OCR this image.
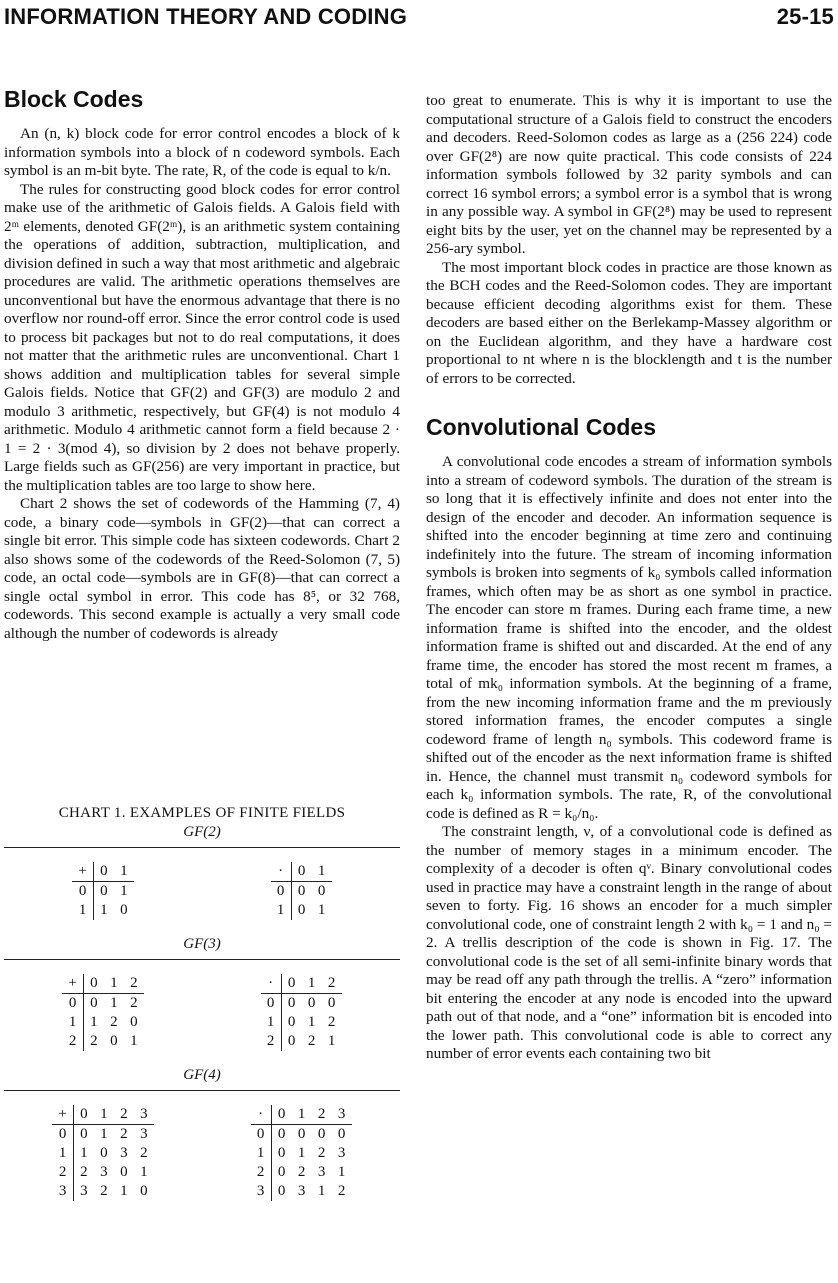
INFORMATION THEORY AND CODING	25-15
Block Codes

An (n, k) block code for error control encodes a block of k information symbols into a block of n codeword symbols. Each symbol is an m-bit byte. The rate, R, of the code is equal to k/n.

The rules for constructing good block codes for error control make use of the arithmetic of Galois fields. A Galois field with 2ᵐ elements, denoted GF(2ᵐ), is an arithmetic system containing the operations of addition, subtraction, multiplication, and division defined in such a way that most arithmetic and algebraic procedures are valid. The arithmetic operations themselves are unconventional but have the enormous advantage that there is no overflow nor round-off error. Since the error control code is used to process bit packages but not to do real computations, it does not matter that the arithmetic rules are unconventional. Chart 1 shows addition and multiplication tables for several simple Galois fields. Notice that GF(2) and GF(3) are modulo 2 and modulo 3 arithmetic, respectively, but GF(4) is not modulo 4 arithmetic. Modulo 4 arithmetic cannot form a field because 2 · 1 = 2 · 3(mod 4), so division by 2 does not behave properly. Large fields such as GF(256) are very important in practice, but the multiplication tables are too large to show here.

Chart 2 shows the set of codewords of the Hamming (7, 4) code, a binary code—symbols in GF(2)—that can correct a single bit error. This simple code has sixteen codewords. Chart 2 also shows some of the codewords of the Reed-Solomon (7, 5) code, an octal code—symbols are in GF(8)—that can correct a single octal symbol in error. This code has 8⁵, or 32 768, codewords. This second example is actually a very small code although the number of codewords is already

CHART 1. EXAMPLES OF FINITE FIELDS
GF(2)
+	0	1
0	0	1
1	1	0
·	0	1
0	0	0
1	0	1
GF(3)
+	0	1	2
0	0	1	2
1	1	2	0
2	2	0	1
·	0	1	2
0	0	0	0
1	0	1	2
2	0	2	1
GF(4)
+	0	1	2	3
0	0	1	2	3
1	1	0	3	2
2	2	3	0	1
3	3	2	1	0
·	0	1	2	3
0	0	0	0	0
1	0	1	2	3
2	0	2	3	1
3	0	3	1	2

too great to enumerate. This is why it is important to use the computational structure of a Galois field to construct the encoders and decoders. Reed-Solomon codes as large as a (256 224) code over GF(2⁸) are now quite practical. This code consists of 224 information symbols followed by 32 parity symbols and can correct 16 symbol errors; a symbol error is a symbol that is wrong in any possible way. A symbol in GF(2⁸) may be used to represent eight bits by the user, yet on the channel may be represented by a 256-ary symbol.

The most important block codes in practice are those known as the BCH codes and the Reed-Solomon codes. They are important because efficient decoding algorithms exist for them. These decoders are based either on the Berlekamp-Massey algorithm or on the Euclidean algorithm, and they have a hardware cost proportional to nt where n is the blocklength and t is the number of errors to be corrected.

Convolutional Codes

A convolutional code encodes a stream of information symbols into a stream of codeword symbols. The duration of the stream is so long that it is effectively infinite and does not enter into the design of the encoder and decoder. An information sequence is shifted into the encoder beginning at time zero and continuing indefinitely into the future. The stream of incoming information symbols is broken into segments of k₀ symbols called information frames, which often may be as short as one symbol in practice. The encoder can store m frames. During each frame time, a new information frame is shifted into the encoder, and the oldest information frame is shifted out and discarded. At the end of any frame time, the encoder has stored the most recent m frames, a total of mk₀ information symbols. At the beginning of a frame, from the new incoming information frame and the m previously stored information frames, the encoder computes a single codeword frame of length n₀ symbols. This codeword frame is shifted out of the encoder as the next information frame is shifted in. Hence, the channel must transmit n₀ codeword symbols for each k₀ information symbols. The rate, R, of the convolutional code is defined as R = k₀/n₀.

The constraint length, ν, of a convolutional code is defined as the number of memory stages in a minimum encoder. The complexity of a decoder is often qᵛ. Binary convolutional codes used in practice may have a constraint length in the range of about seven to forty. Fig. 16 shows an encoder for a much simpler convolutional code, one of constraint length 2 with k₀ = 1 and n₀ = 2. A trellis description of the code is shown in Fig. 17. The convolutional code is the set of all semi-infinite binary words that may be read off any path through the trellis. A “zero” information bit entering the encoder at any node is encoded into the upward path out of that node, and a “one” information bit is encoded into the lower path. This convolutional code is able to correct any number of error events each containing two bit
